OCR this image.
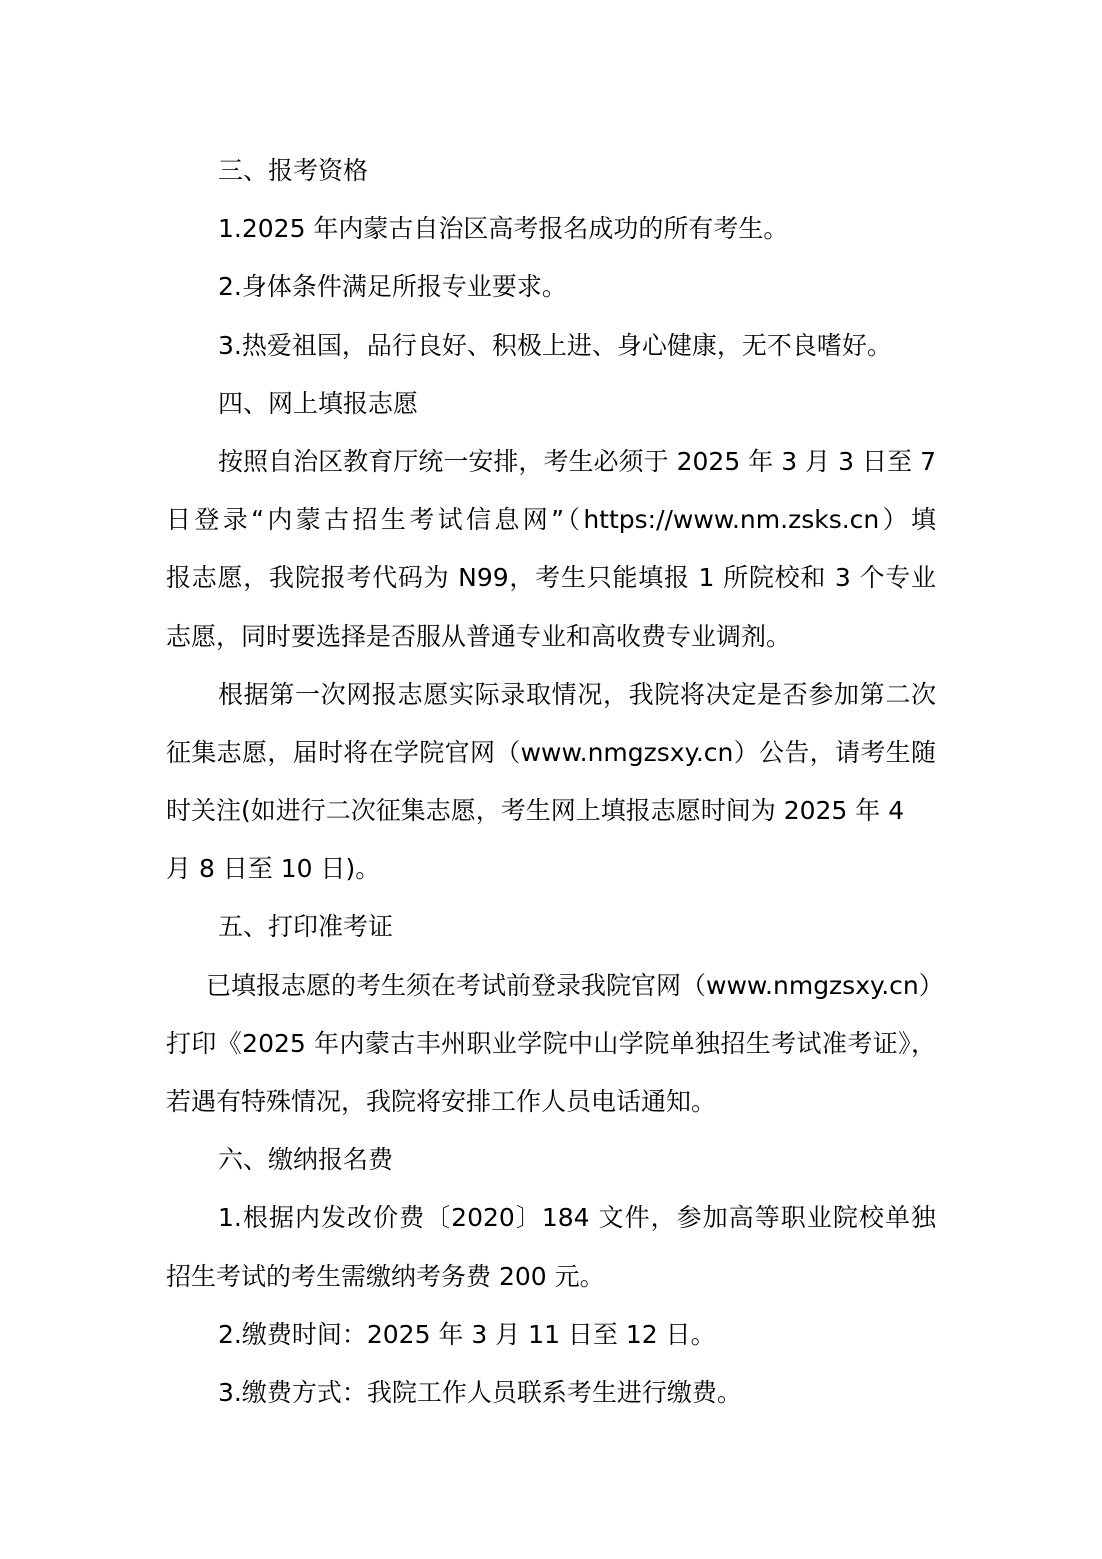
三、报考资格
1.2025 年内蒙古自治区高考报名成功的所有考生。
2.身体条件满足所报专业要求。
3.热爱祖国，品行良好、积极上进、身心健康，无不良嗜好。
四、网上填报志愿
按照自治区教育厅统一安排，考生必须于 2025 年 3 月 3 日至 7
日登录“内蒙古招生考试信息网”（https://www.nm.zsks.cn）填
报志愿，我院报考代码为 N99，考生只能填报 1 所院校和 3 个专业
志愿，同时要选择是否服从普通专业和高收费专业调剂。
根据第一次网报志愿实际录取情况，我院将决定是否参加第二次
征集志愿，届时将在学院官网（www.nmgzsxy.cn）公告，请考生随
时关注(如进行二次征集志愿，考生网上填报志愿时间为 2025 年 4
月 8 日至 10 日)。
五、打印准考证
已填报志愿的考生须在考试前登录我院官网（www.nmgzsxy.cn）
打印《2025 年内蒙古丰州职业学院中山学院单独招生考试准考证》，
若遇有特殊情况，我院将安排工作人员电话通知。
六、缴纳报名费
1.根据内发改价费〔2020〕184 文件，参加高等职业院校单独
招生考试的考生需缴纳考务费 200 元。
2.缴费时间：2025 年 3 月 11 日至 12 日。
3.缴费方式：我院工作人员联系考生进行缴费。
